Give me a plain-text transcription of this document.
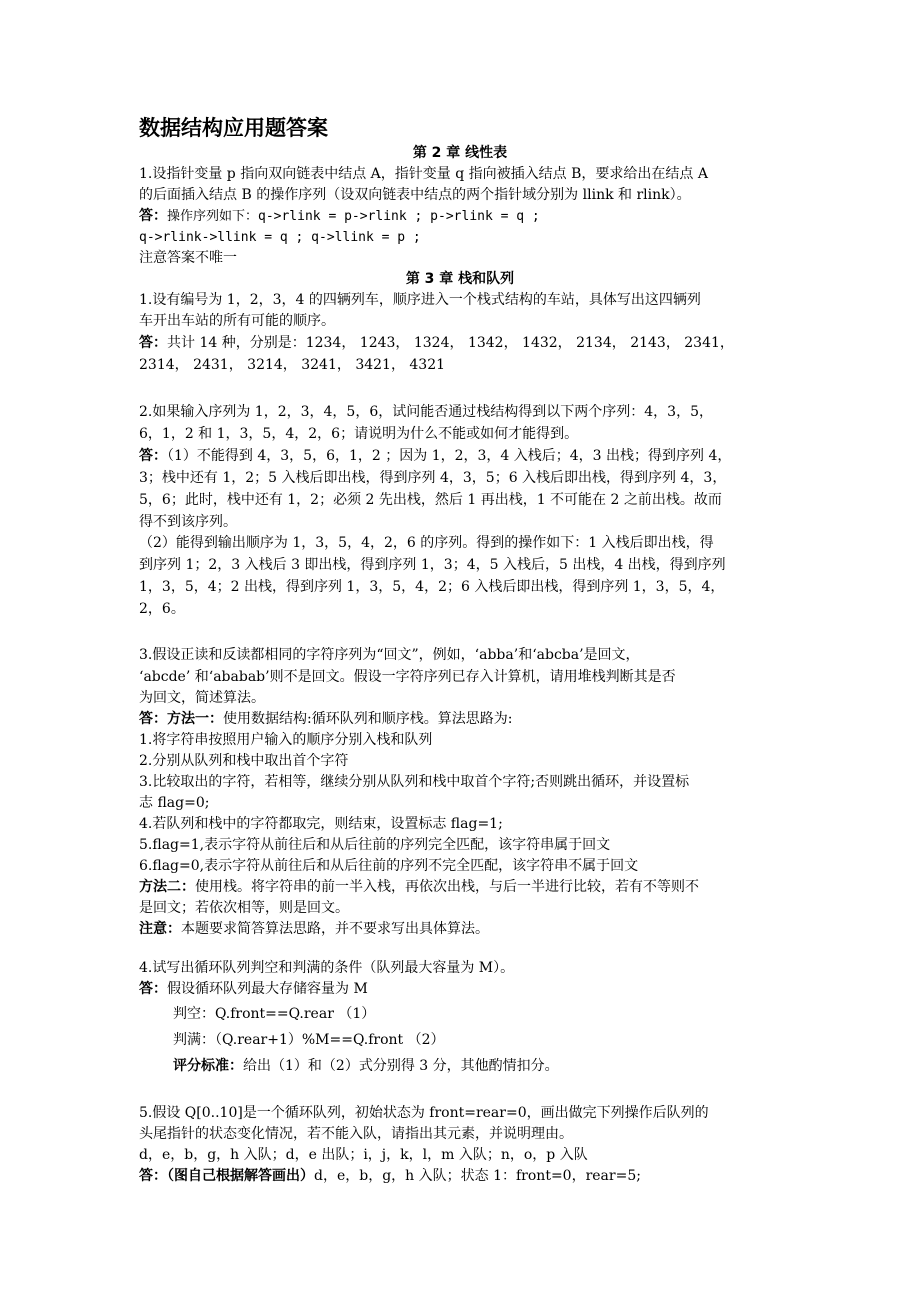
数据结构应用题答案
第 2 章 线性表
1.设指针变量 p 指向双向链表中结点 A，指针变量 q 指向被插入结点 B，要求给出在结点 A
的后面插入结点 B 的操作序列（设双向链表中结点的两个指针域分别为 llink 和 rlink）。
答：操作序列如下：q->rlink = p->rlink ; p->rlink = q ;
q->rlink->llink = q ; q->llink = p ;
注意答案不唯一
第 3 章 栈和队列
1.设有编号为 1，2，3，4 的四辆列车，顺序进入一个栈式结构的车站，具体写出这四辆列
车开出车站的所有可能的顺序。
答：共计 14 种，分别是：1234， 1243， 1324， 1342， 1432， 2134， 2143， 2341，
2314， 2431， 3214， 3241， 3421， 4321
2.如果输入序列为 1，2，3，4，5，6，试问能否通过栈结构得到以下两个序列：4，3，5，
6，1，2 和 1，3，5，4，2，6；请说明为什么不能或如何才能得到。
答：（1）不能得到 4，3，5，6，1，2 ；因为 1，2，3，4 入栈后；4，3 出栈；得到序列 4，
3；栈中还有 1，2；5 入栈后即出栈，得到序列 4，3，5；6 入栈后即出栈，得到序列 4，3，
5，6；此时，栈中还有 1，2；必须 2 先出栈，然后 1 再出栈，1 不可能在 2 之前出栈。故而
得不到该序列。
（2）能得到输出顺序为 1，3，5，4，2，6 的序列。得到的操作如下：1 入栈后即出栈，得
到序列 1；2，3 入栈后 3 即出栈，得到序列 1，3；4，5 入栈后，5 出栈，4 出栈，得到序列
1，3，5，4；2 出栈，得到序列 1，3，5，4，2；6 入栈后即出栈，得到序列 1，3，5，4，
2，6。
3.假设正读和反读都相同的字符序列为“回文”，例如，‘abba’和‘abcba’是回文，
‘abcde’ 和‘ababab’则不是回文。假设一字符序列已存入计算机，请用堆栈判断其是否
为回文，简述算法。
答：方法一：使用数据结构:循环队列和顺序栈。算法思路为:
1.将字符串按照用户输入的顺序分别入栈和队列
2.分别从队列和栈中取出首个字符
3.比较取出的字符，若相等，继续分别从队列和栈中取首个字符;否则跳出循环，并设置标
志 flag=0;
4.若队列和栈中的字符都取完，则结束，设置标志 flag=1;
5.flag=1,表示字符从前往后和从后往前的序列完全匹配，该字符串属于回文
6.flag=0,表示字符从前往后和从后往前的序列不完全匹配，该字符串不属于回文
方法二：使用栈。将字符串的前一半入栈，再依次出栈，与后一半进行比较，若有不等则不
是回文；若依次相等，则是回文。
注意：本题要求简答算法思路，并不要求写出具体算法。
4.试写出循环队列判空和判满的条件（队列最大容量为 M）。
答：假设循环队列最大存储容量为 M
判空：Q.front==Q.rear （1）
判满：（Q.rear+1）%M==Q.front （2）
评分标准：给出（1）和（2）式分别得 3 分，其他酌情扣分。
5.假设 Q[0..10]是一个循环队列，初始状态为 front=rear=0，画出做完下列操作后队列的
头尾指针的状态变化情况，若不能入队，请指出其元素，并说明理由。
d，e，b，g，h 入队；d，e 出队；i，j，k，l，m 入队；n，o，p 入队
答：（图自己根据解答画出）d，e，b，g，h 入队；状态 1：front=0，rear=5;
